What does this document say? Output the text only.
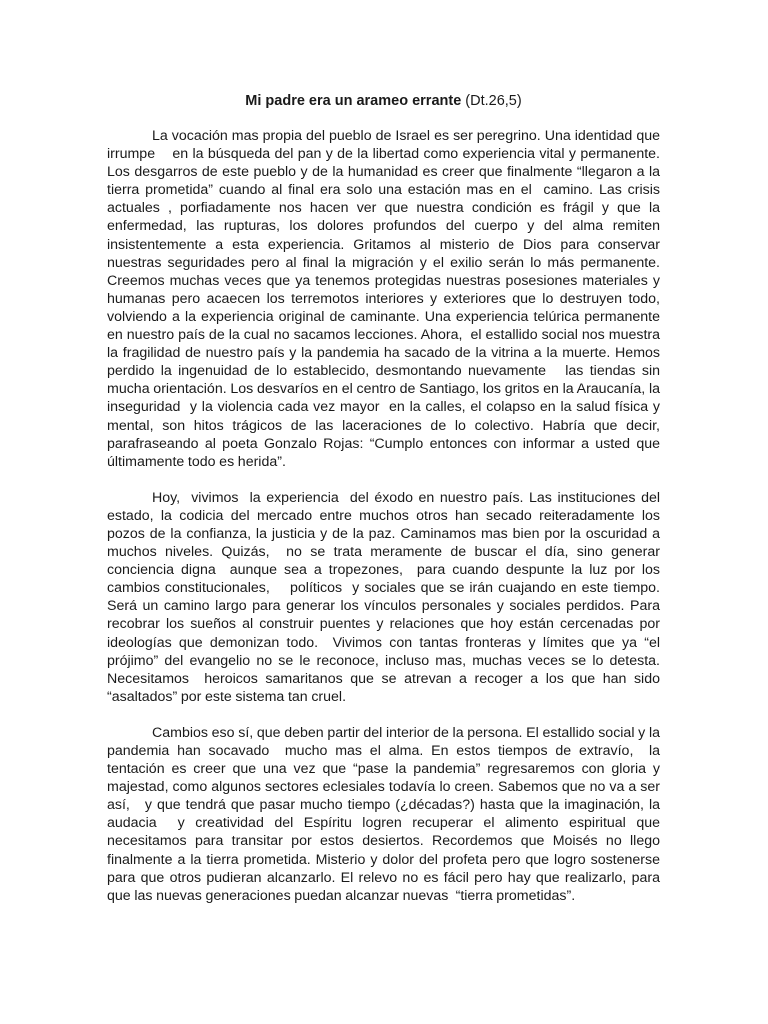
Mi padre era un arameo errante (Dt.26,5)

La vocación mas propia del pueblo de Israel es ser peregrino. Una identidad que irrumpe    en la búsqueda del pan y de la libertad como experiencia vital y permanente. Los desgarros de este pueblo y de la humanidad es creer que finalmente “llegaron a la tierra prometida” cuando al final era solo una estación mas en el  camino. Las crisis  actuales , porfiadamente nos hacen ver que nuestra condición es frágil y que la enfermedad, las rupturas, los dolores profundos del cuerpo y del alma remiten insistentemente a esta experiencia. Gritamos al misterio de Dios para conservar nuestras seguridades pero al final la migración y el exilio serán lo más permanente. Creemos muchas veces que ya tenemos protegidas nuestras posesiones materiales y humanas pero acaecen los terremotos interiores y exteriores que lo destruyen todo, volviendo a la experiencia original de caminante. Una experiencia telúrica permanente en nuestro país de la cual no sacamos lecciones. Ahora,  el estallido social nos muestra la fragilidad de nuestro país y la pandemia ha sacado de la vitrina a la muerte. Hemos perdido la ingenuidad de lo establecido, desmontando nuevamente   las tiendas sin mucha orientación. Los desvaríos en el centro de Santiago, los gritos en la Araucanía, la inseguridad  y la violencia cada vez mayor  en la calles, el colapso en la salud física y mental, son hitos trágicos de las laceraciones de lo colectivo. Habría que decir, parafraseando al poeta Gonzalo Rojas: “Cumplo entonces con informar a usted que últimamente todo es herida”.

Hoy,  vivimos  la experiencia  del éxodo en nuestro país. Las instituciones del estado, la codicia del mercado entre muchos otros han secado reiteradamente los pozos de la confianza, la justicia y de la paz. Caminamos mas bien por la oscuridad a muchos niveles. Quizás,  no se trata meramente de buscar el día, sino generar conciencia digna  aunque sea a tropezones,  para cuando despunte la luz por los cambios constitucionales,    políticos  y sociales que se irán cuajando en este tiempo. Será un camino largo para generar los vínculos personales y sociales perdidos. Para recobrar los sueños al construir puentes y relaciones que hoy están cercenadas por ideologías que demonizan todo.  Vivimos con tantas fronteras y límites que ya “el prójimo” del evangelio no se le reconoce, incluso mas, muchas veces se lo detesta. Necesitamos  heroicos samaritanos que se atrevan a recoger a los que han sido “asaltados” por este sistema tan cruel.

Cambios eso sí, que deben partir del interior de la persona. El estallido social y la pandemia han socavado  mucho mas el alma. En estos tiempos de extravío,  la tentación es creer que una vez que “pase la pandemia” regresaremos con gloria y majestad, como algunos sectores eclesiales todavía lo creen. Sabemos que no va a ser así,   y que tendrá que pasar mucho tiempo (¿décadas?) hasta que la imaginación, la audacia  y creatividad del Espíritu logren recuperar el alimento espiritual que necesitamos para transitar por estos desiertos. Recordemos que Moisés no llego finalmente a la tierra prometida. Misterio y dolor del profeta pero que logro sostenerse para que otros pudieran alcanzarlo. El relevo no es fácil pero hay que realizarlo, para que las nuevas generaciones puedan alcanzar nuevas  “tierra prometidas”.
